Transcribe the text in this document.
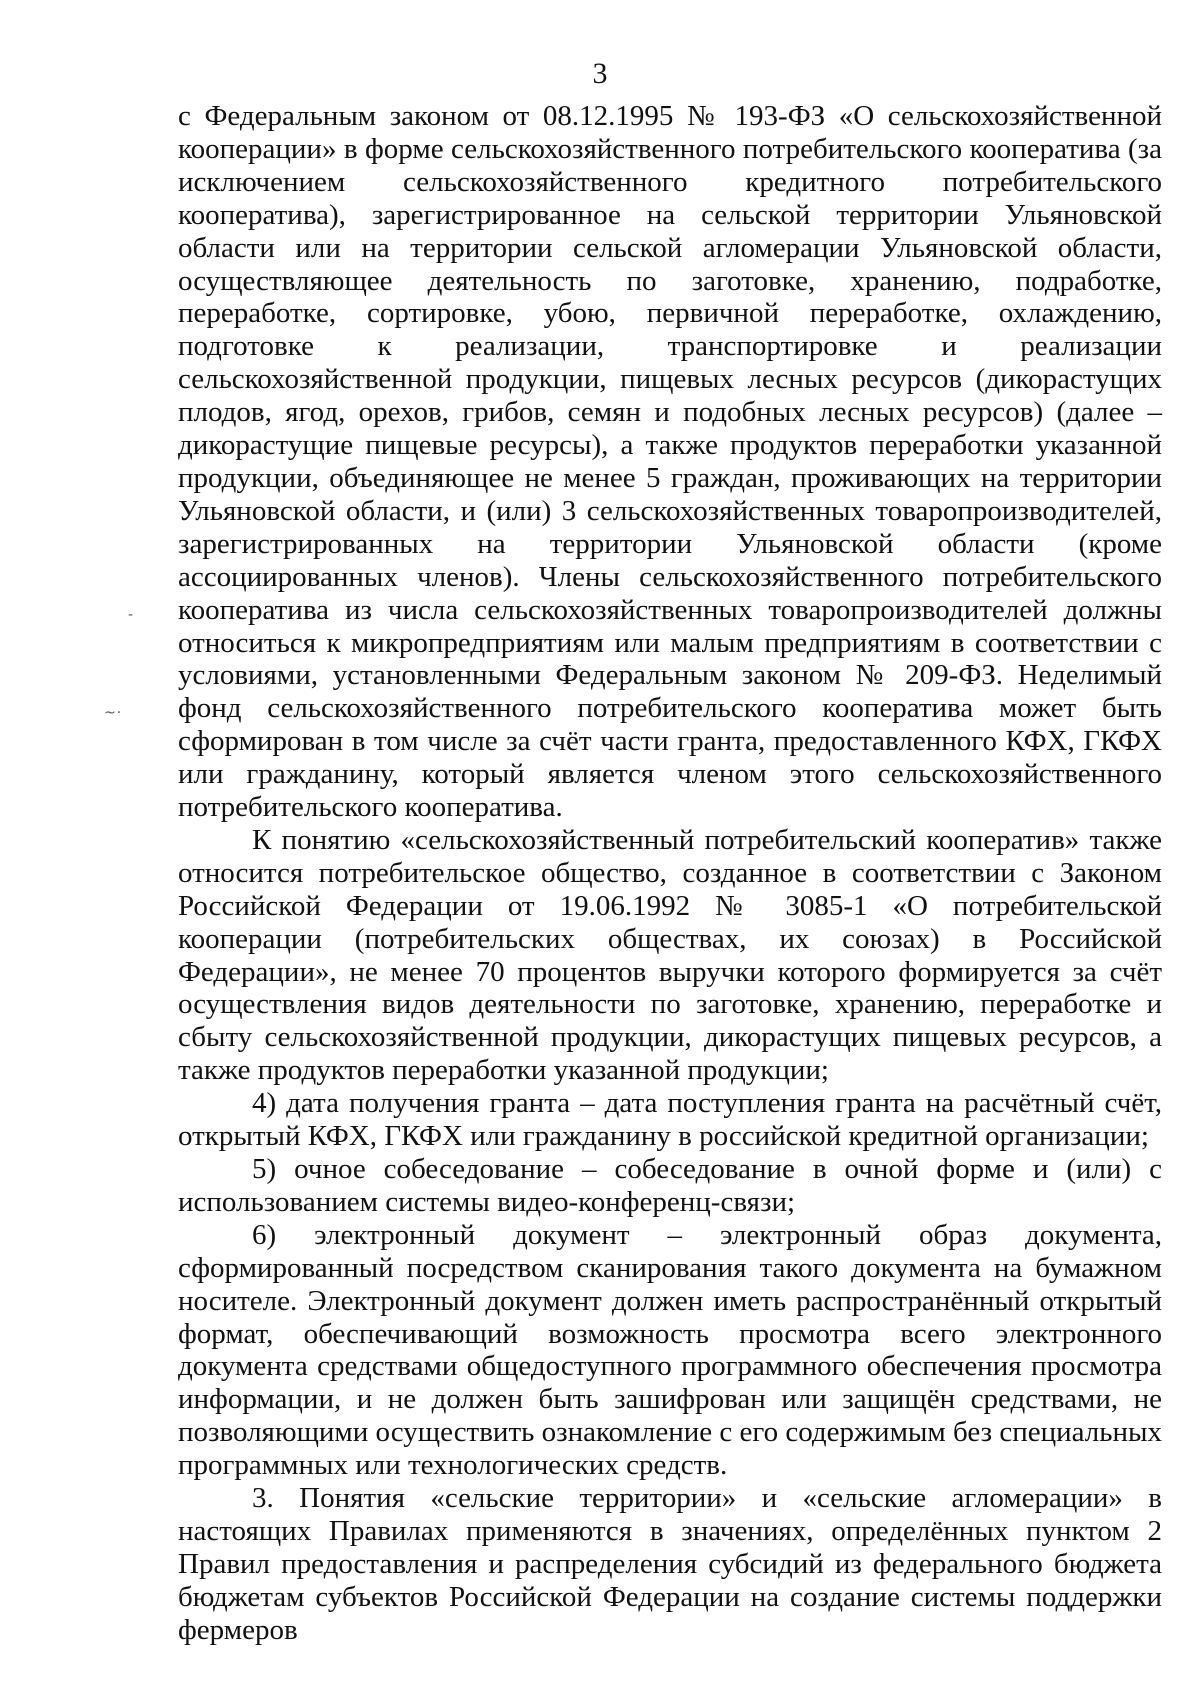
3
-
~·

с Федеральным законом от 08.12.1995 № 193-ФЗ «О сельскохозяйственной кооперации» в форме сельскохозяйственного потребительского кооператива (за исключением сельскохозяйственного кредитного потребительского кооператива), зарегистрированное на сельской территории Ульяновской области или на территории сельской агломерации Ульяновской области, осуществляющее деятельность по заготовке, хранению, подработке, переработке, сортировке, убою, первичной переработке, охлаждению, подготовке к реализации, транспортировке и реализации сельскохозяйственной продукции, пищевых лесных ресурсов (дикорастущих плодов, ягод, орехов, грибов, семян и подобных лесных ресурсов) (далее – дикорастущие пищевые ресурсы), а также продуктов переработки указанной продукции, объединяющее не менее 5 граждан, проживающих на территории Ульяновской области, и (или) 3 сельскохозяйственных товаропроизводителей, зарегистрированных на территории Ульяновской области (кроме ассоциированных членов). Члены сельскохозяйственного потребительского кооператива из числа сельскохозяйственных товаропроизводителей должны относиться к микропредприятиям или малым предприятиям в соответствии с условиями, установленными Федеральным законом № 209-ФЗ. Неделимый фонд сельскохозяйственного потребительского кооператива может быть сформирован в том числе за счёт части гранта, предоставленного КФХ, ГКФХ или гражданину, который является членом этого сельскохозяйственного потребительского кооператива.

К понятию «сельскохозяйственный потребительский кооператив» также относится потребительское общество, созданное в соответствии с Законом Российской Федерации от 19.06.1992 № 3085-1 «О потребительской кооперации (потребительских обществах, их союзах) в Российской Федерации», не менее 70 процентов выручки которого формируется за счёт осуществления видов деятельности по заготовке, хранению, переработке и сбыту сельскохозяйственной продукции, дикорастущих пищевых ресурсов, а также продуктов переработки указанной продукции;

4) дата получения гранта – дата поступления гранта на расчётный счёт, открытый КФХ, ГКФХ или гражданину в российской кредитной организации;

5) очное собеседование – собеседование в очной форме и (или) с использованием системы видео-конференц-связи;

6) электронный документ – электронный образ документа, сформированный посредством сканирования такого документа на бумажном носителе. Электронный документ должен иметь распространённый открытый формат, обеспечивающий возможность просмотра всего электронного документа средствами общедоступного программного обеспечения просмотра информации, и не должен быть зашифрован или защищён средствами, не позволяющими осуществить ознакомление с его содержимым без специальных программных или технологических средств.

3. Понятия «сельские территории» и «сельские агломерации» в настоящих Правилах применяются в значениях, определённых пунктом 2 Правил предоставления и распределения субсидий из федерального бюджета бюджетам субъектов Российской Федерации на создание системы поддержки фермеров
